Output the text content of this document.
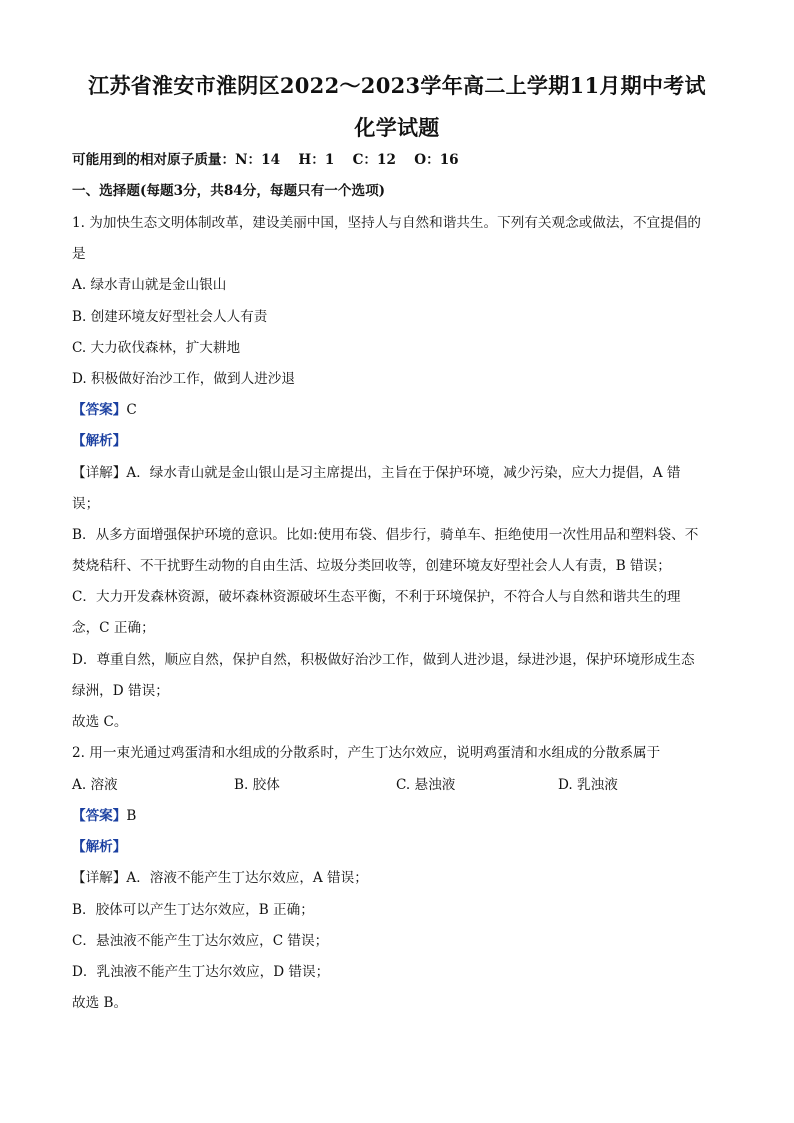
江苏省淮安市淮阴区2022～2023学年高二上学期11月期中考试
化学试题
可能用到的相对原子质量：N：14　 H：1　 C：12　 O：16
一、选择题(每题3分，共84分，每题只有一个选项)
1. 为加快生态文明体制改革，建设美丽中国，坚持人与自然和谐共生。下列有关观念或做法，不宜提倡的
是
A. 绿水青山就是金山银山
B. 创建环境友好型社会人人有责
C. 大力砍伐森林，扩大耕地
D. 积极做好治沙工作，做到人进沙退
【答案】C
【解析】
【详解】A．绿水青山就是金山银山是习主席提出，主旨在于保护环境，减少污染，应大力提倡，A 错
误；
B．从多方面增强保护环境的意识。比如:使用布袋、倡步行，骑单车、拒绝使用一次性用品和塑料袋、不
焚烧秸秆、不干扰野生动物的自由生活、垃圾分类回收等，创建环境友好型社会人人有责，B 错误；
C．大力开发森林资源，破坏森林资源破坏生态平衡，不利于环境保护，不符合人与自然和谐共生的理
念，C 正确；
D．尊重自然，顺应自然，保护自然，积极做好治沙工作，做到人进沙退，绿进沙退，保护环境形成生态
绿洲，D 错误；
故选 C。
2. 用一束光通过鸡蛋清和水组成的分散系时，产生丁达尔效应，说明鸡蛋清和水组成的分散系属于
A. 溶液	B. 胶体	C. 悬浊液	D. 乳浊液
【答案】B
【解析】
【详解】A．溶液不能产生丁达尔效应，A 错误；
B．胶体可以产生丁达尔效应，B 正确；
C．悬浊液不能产生丁达尔效应，C 错误；
D．乳浊液不能产生丁达尔效应，D 错误；
故选 B。
